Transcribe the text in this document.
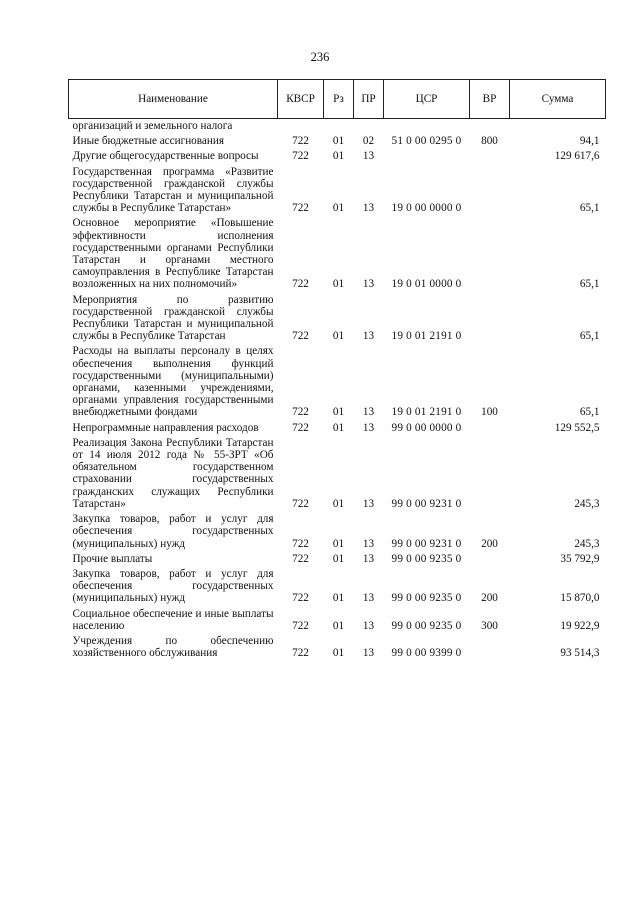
236
Наименование	КВСР	Рз	ПР	ЦСР	ВР	Сумма
организаций и земельного налога						
Иные бюджетные ассигнования	722	01	02	51 0 00 0295 0	800	94,1
Другие общегосударственные вопросы	722	01	13			129 617,6
Государственная программа «Развитие государственной гражданской службы Республики Татарстан и муниципальной службы в Республике Татарстан»	722	01	13	19 0 00 0000 0		65,1
Основное мероприятие «Повышение эффективности исполнения государственными органами Республики Татарстан и органами местного самоуправления в Республике Татарстан возложенных на них полномочий»	722	01	13	19 0 01 0000 0		65,1
Мероприятия по развитию государственной гражданской службы Республики Татарстан и муниципальной службы в Республике Татарстан	722	01	13	19 0 01 2191 0		65,1
Расходы на выплаты персоналу в целях обеспечения выполнения функций государственными (муниципальными) органами, казенными учреждениями, органами управления государственными внебюджетными фондами	722	01	13	19 0 01 2191 0	100	65,1
Непрограммные направления расходов	722	01	13	99 0 00 0000 0		129 552,5
Реализация Закона Республики Татарстан от 14 июля 2012 года № 55-ЗРТ «Об обязательном государственном страховании государственных гражданских служащих Республики Татарстан»	722	01	13	99 0 00 9231 0		245,3
Закупка товаров, работ и услуг для обеспечения государственных (муниципальных) нужд	722	01	13	99 0 00 9231 0	200	245,3
Прочие выплаты	722	01	13	99 0 00 9235 0		35 792,9
Закупка товаров, работ и услуг для обеспечения государственных (муниципальных) нужд	722	01	13	99 0 00 9235 0	200	15 870,0
Социальное обеспечение и иные выплаты населению	722	01	13	99 0 00 9235 0	300	19 922,9
Учреждения по обеспечению хозяйственного обслуживания	722	01	13	99 0 00 9399 0		93 514,3
